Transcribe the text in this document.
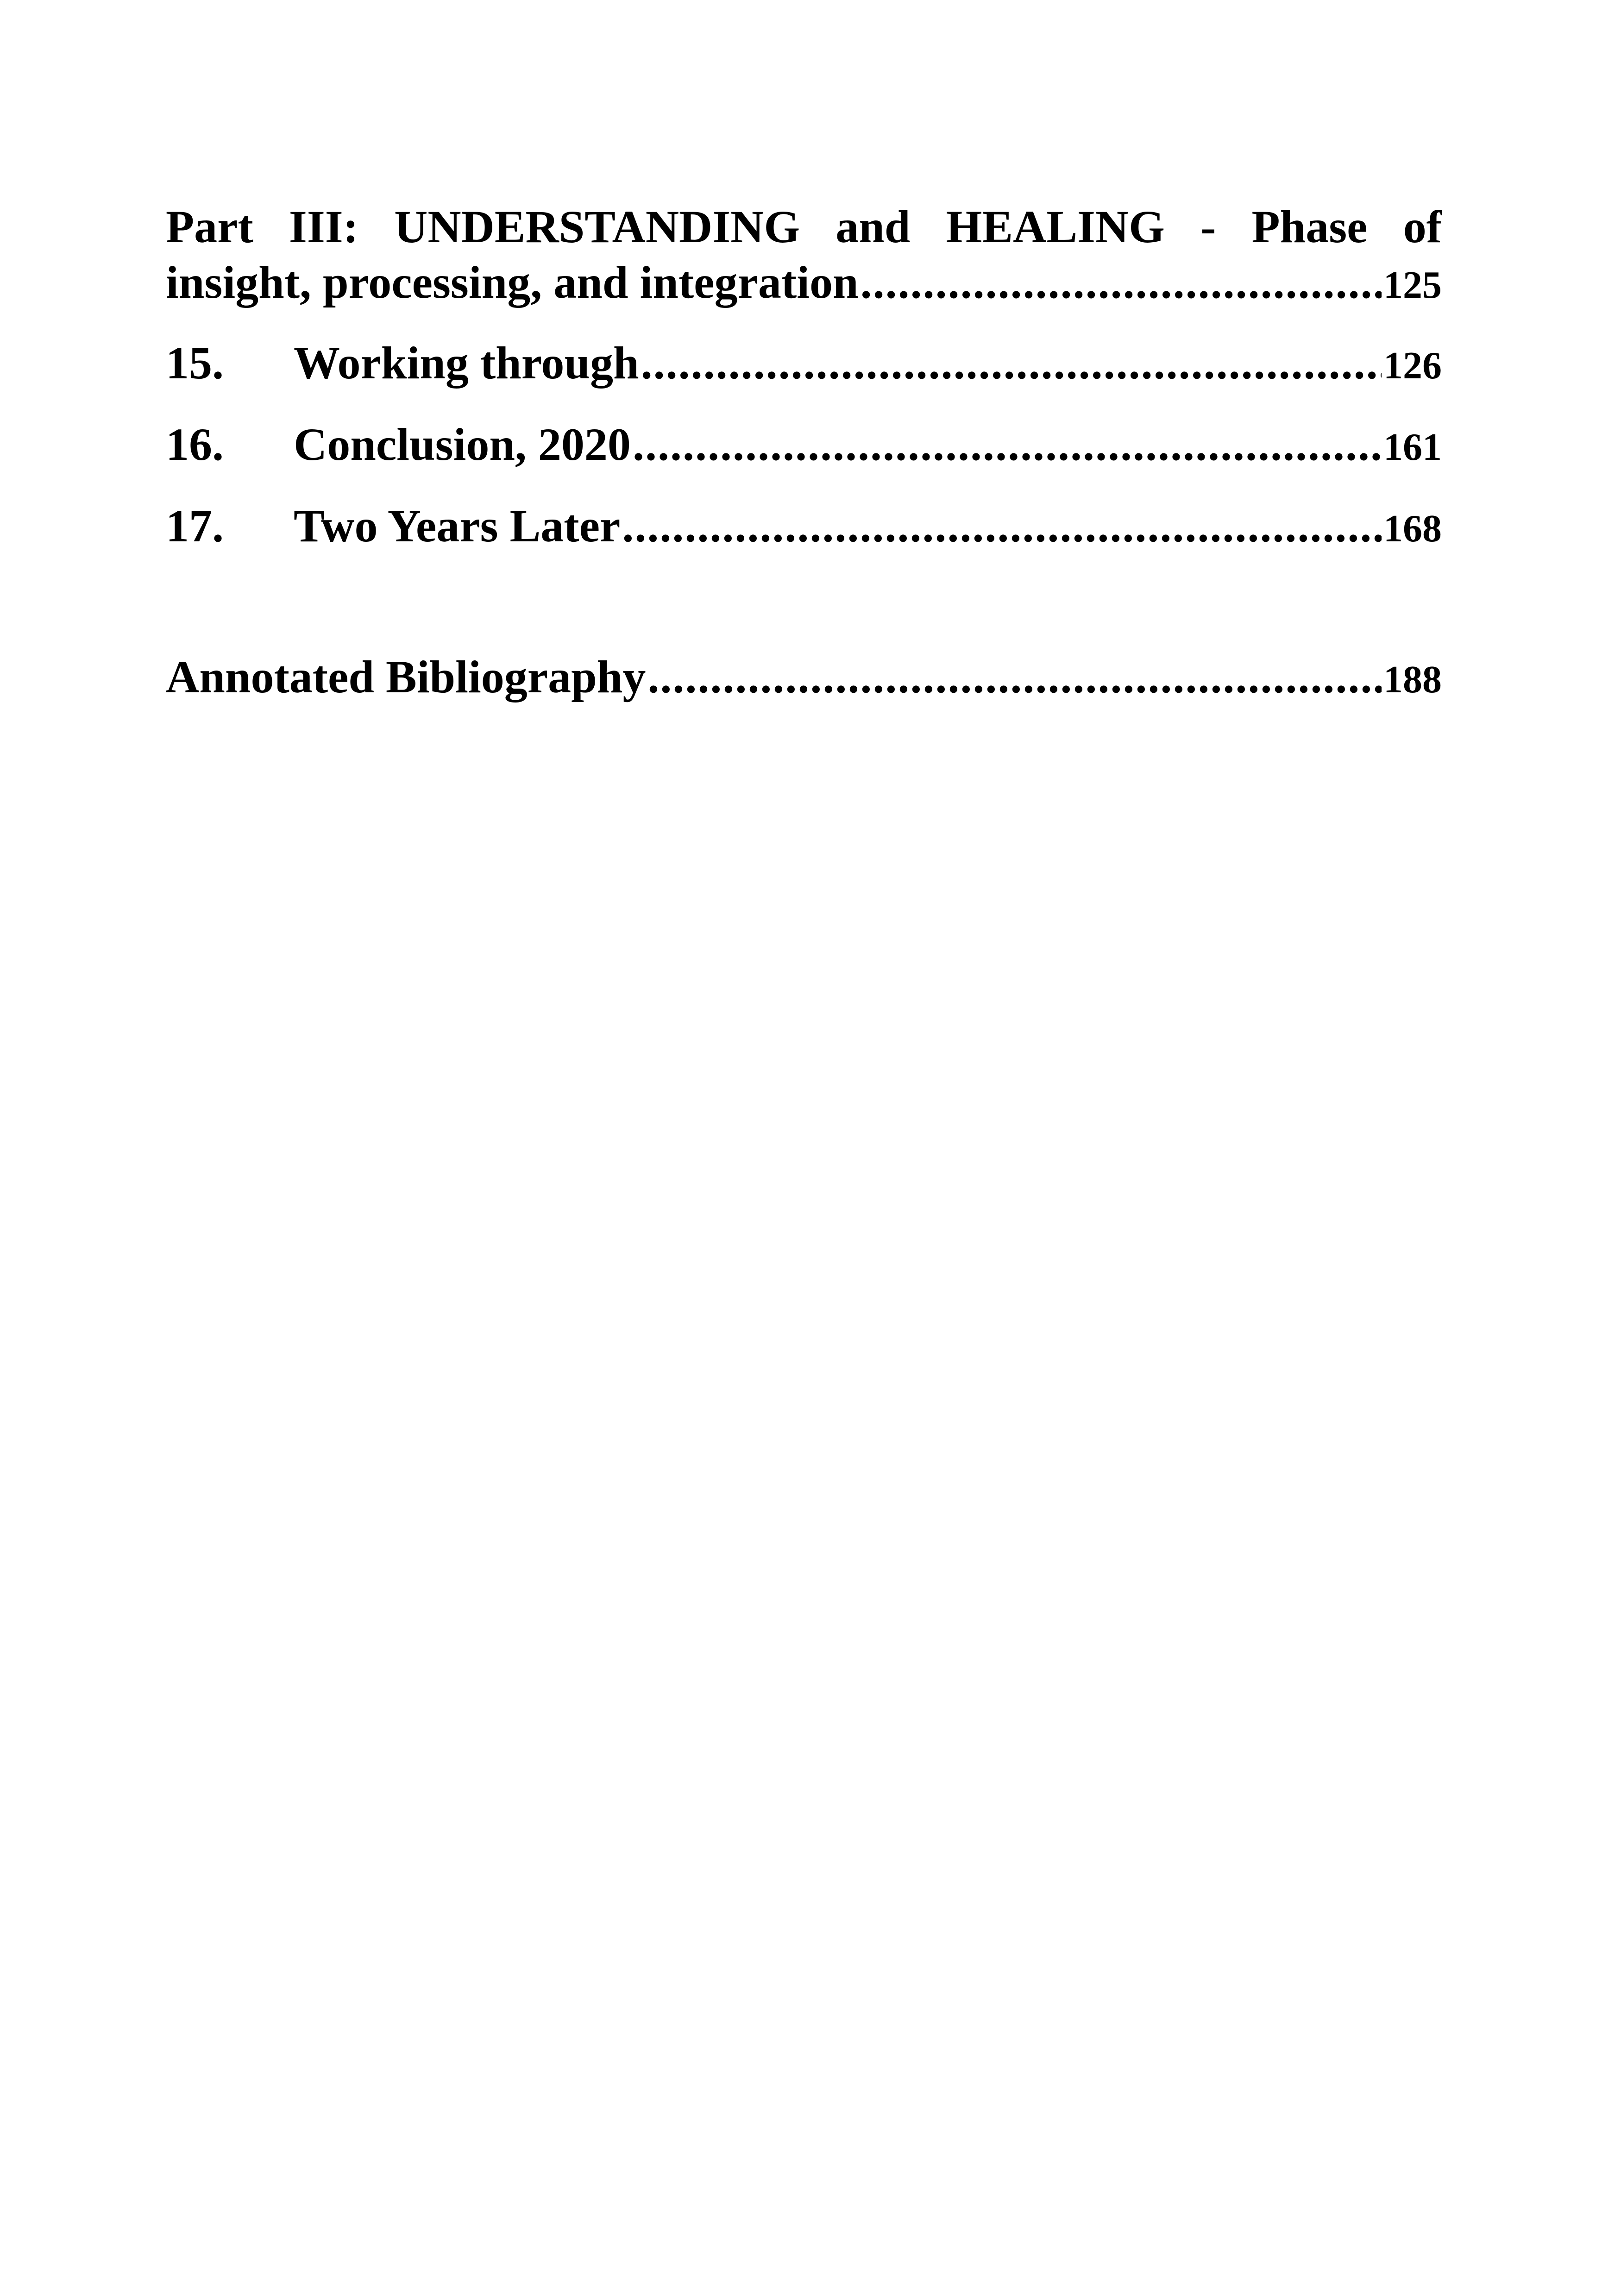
Part III: UNDERSTANDING and HEALING - Phase of
insight, processing, and integration .....	125
15.	Working through .....	126
16.	Conclusion, 2020 .....	161
17.	Two Years Later .....	168
Annotated Bibliography .....	188
